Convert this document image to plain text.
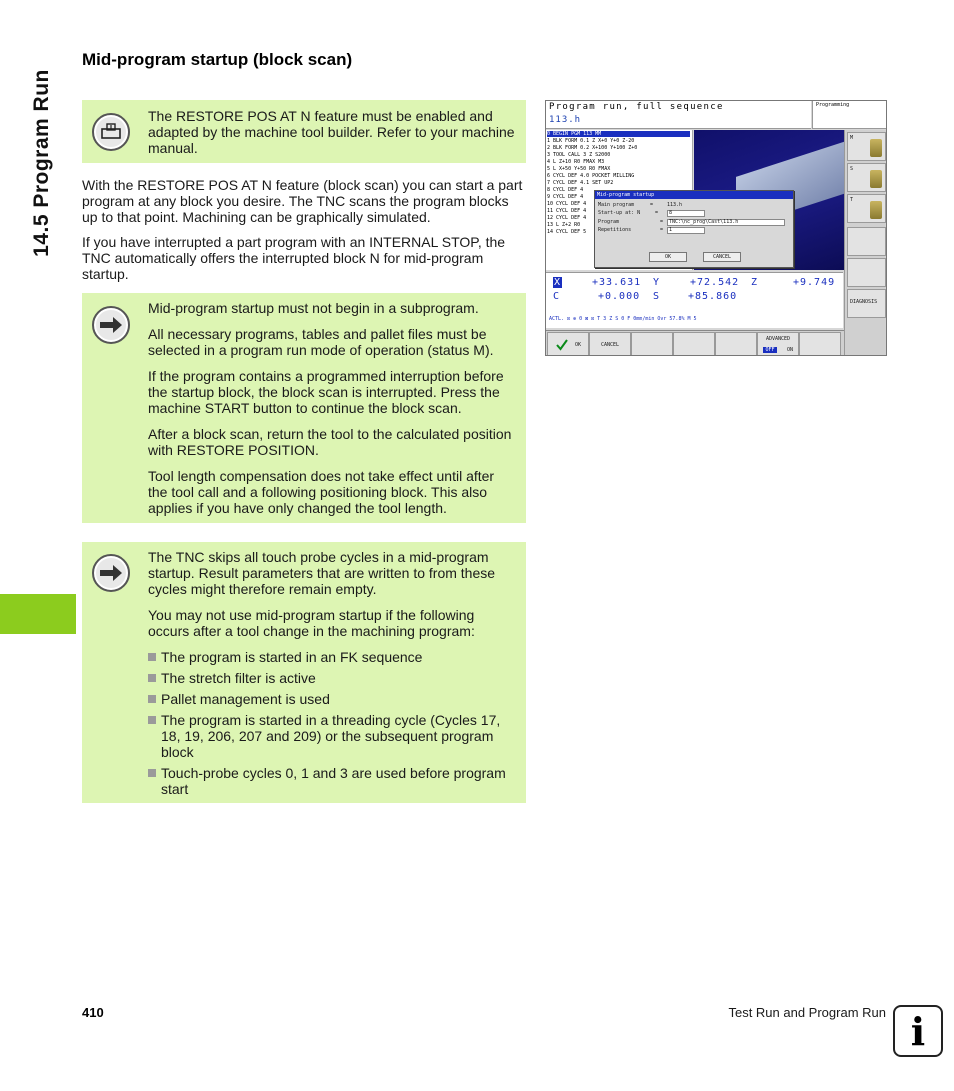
14.5 Program Run
Mid-program startup (block scan)

The RESTORE POS AT N feature must be enabled and adapted by the machine tool builder. Refer to your machine manual.

With the RESTORE POS AT N feature (block scan) you can start a part program at any block you desire. The TNC scans the program blocks up to that point. Machining can be graphically simulated.

If you have interrupted a part program with an INTERNAL STOP, the TNC automatically offers the interrupted block N for mid-program startup.

Mid-program startup must not begin in a subprogram.

All necessary programs, tables and pallet files must be selected in a program run mode of operation (status M).

If the program contains a programmed interruption before the startup block, the block scan is interrupted. Press the machine START button to continue the block scan.

After a block scan, return the tool to the calculated position with RESTORE POSITION.

Tool length compensation does not take effect until after the tool call and a following positioning block. This also applies if you have only changed the tool length.

The TNC skips all touch probe cycles in a mid-program startup. Result parameters that are written to from these cycles might therefore remain empty.

You may not use mid-program startup if the following occurs after a tool change in the machining program:

The program is started in an FK sequence
The stretch filter is active
Pallet management is used
The program is started in a threading cycle (Cycles 17, 18, 19, 206, 207 and 209) or the subsequent program block
Touch-probe cycles 0, 1 and 3 are used before program start
Program run, full sequence
113.h
Programming
0 BEGIN PGM 113 MM
1 BLK FORM 0.1 Z X+0 Y+0 Z-20
2 BLK FORM 0.2 X+100 Y+100 Z+0
3 TOOL CALL 3 Z S2000
4 L Z+10 R0 FMAX M3
5 L X+50 Y+50 R0 FMAX
6 CYCL DEF 4.0 POCKET MILLING
7 CYCL DEF 4.1 SET UP2
8 CYCL DEF 4
9 CYCL DEF 4
10 CYCL DEF 4
11 CYCL DEF 4
12 CYCL DEF 4
13 L Z+2 R0
14 CYCL DEF 5
Mid-program startup
Main program	=	113.h
Start-up at: N	=	8
Program	=	TNC:\nc_prog\Cast\113.h
Repetitions	=	1
OK	CANCEL
X	+33.631 Y	+72.542 Z	+9.749
C	+0.000 S	+85.860
ACTL. ⊡ ⊕ 0 ⊠ ⊡ T 3 Z S 0 F 0mm/min Ovr 57.8% M 5
M
S
T
DIAGNOSIS
OK	CANCEL
ADVANCED
OFF	ON
410	Test Run and Program Run i
